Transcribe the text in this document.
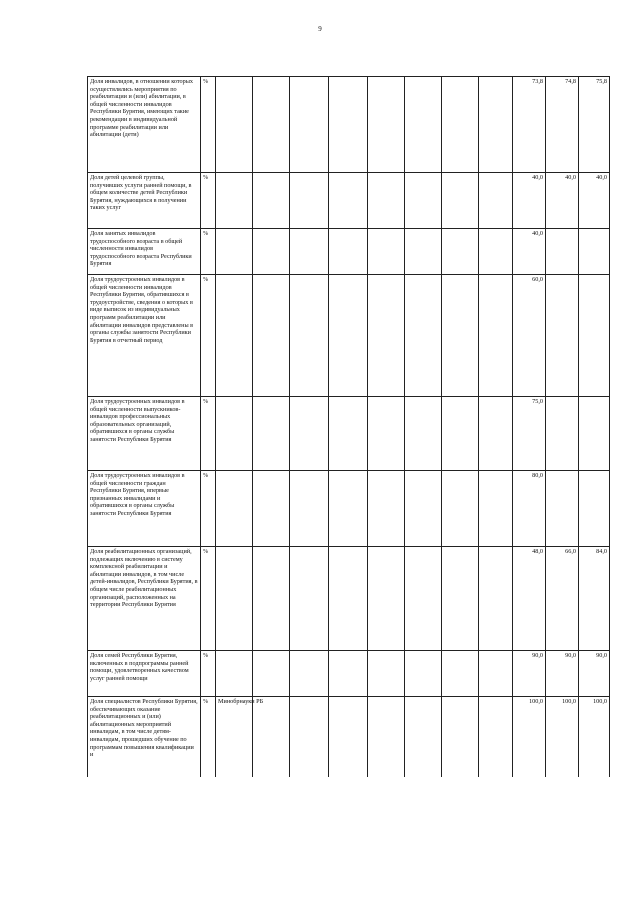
9
Доля инвалидов, в отношении которых осуществлялись мероприятия по реабилитации и (или) абилитации, в общей численности инвалидов Республики Бурятия, имеющих такие рекомендации в индивидуальной программе реабилитации или абилитации (дети)	%									73,8	74,8	75,8
Доля детей целевой группы, получивших услуги ранней помощи, в общем количестве детей Республики Бурятия, нуждающихся в получении таких услуг	%									40,0	40,0	40,0
Доля занятых инвалидов трудоспособного возраста в общей численности инвалидов трудоспособного возраста Республики Бурятия	%									40,0		
Доля трудоустроенных инвалидов в общей численности инвалидов Республики Бурятия, обратившихся в трудоустройстве, сведения о которых в виде выписок из индивидуальных программ реабилитации или абилитации инвалидов представлены в органы службы занятости Республики Бурятия в отчетный период	%									60,0		
Доля трудоустроенных инвалидов в общей численности выпускников-инвалидов профессиональных образовательных организаций, обратившихся в органы службы занятости Республики Бурятия	%									75,0		
Доля трудоустроенных инвалидов в общей численности граждан Республики Бурятия, впервые признанных инвалидами и обратившихся в органы службы занятости Республики Бурятия	%									80,0		
Доля реабилитационных организаций, подлежащих включению в систему комплексной реабилитации и абилитации инвалидов, в том числе детей-инвалидов, Республики Бурятия, в общем числе реабилитационных организаций, расположенных на территории Республики Бурятия	%									48,0	66,0	84,0
Доля семей Республики Бурятия, включенных в подпрограммы ранней помощи, удовлетворенных качеством услуг ранней помощи	%									90,0	90,0	90,0
Доля специалистов Республики Бурятия, обеспечивающих оказание реабилитационных и (или) абилитационных мероприятий инвалидам, в том числе детям-инвалидам, прошедших обучение по программам повышения квалификации и	%	Минобрнауки РБ								100,0	100,0	100,0
